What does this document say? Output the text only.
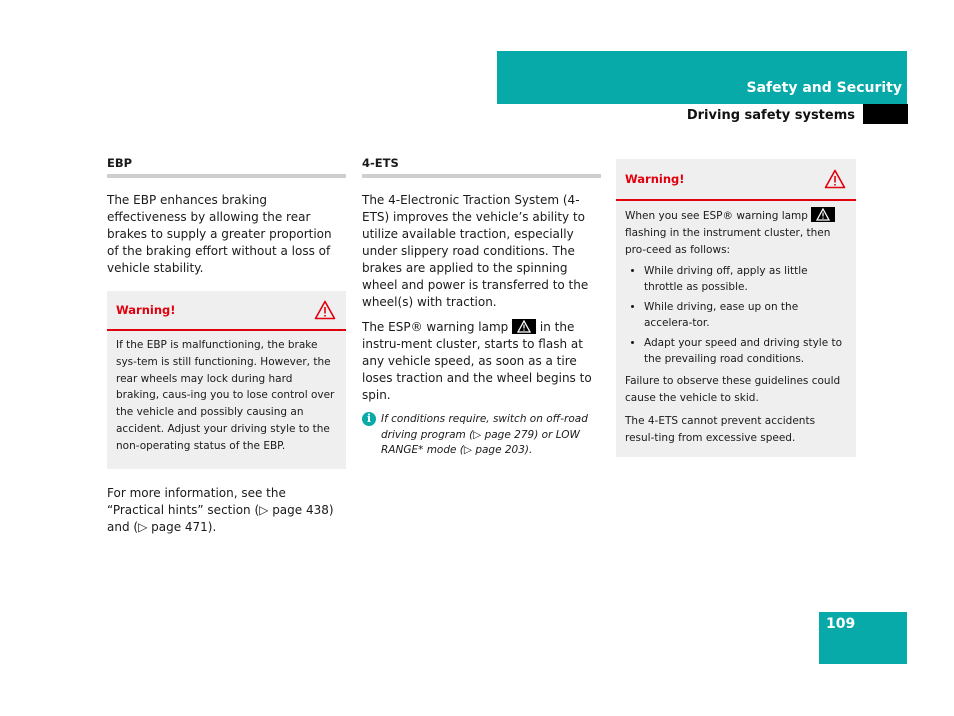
Safety and Security
Driving safety systems
EBP

The EBP enhances braking effectiveness by allowing the rear brakes to supply a greater proportion of the braking effort without a loss of vehicle stability.

Warning!

If the EBP is malfunctioning, the brake sys-tem is still functioning. However, the rear wheels may lock during hard braking, caus-ing you to lose control over the vehicle and possibly causing an accident. Adjust your driving style to the non-operating status of the EBP.

For more information, see the “Practical hints” section (▷ page 438) and (▷ page 471).

4-ETS

The 4-Electronic Traction System (4-ETS) improves the vehicle’s ability to utilize available traction, especially under slippery road conditions. The brakes are applied to the spinning wheel and power is transferred to the wheel(s) with traction.

The ESP® warning lamp	in the instru-ment cluster, starts to flash at any vehicle speed, as soon as a tire loses traction and the wheel begins to spin.

i If conditions require, switch on off-road driving program (▷ page 279) or LOW RANGE* mode (▷ page 203).
Warning!

When you see ESP® warning lamp
flashing in the instrument cluster, then pro-ceed as follows:

• While driving off, apply as little throttle as possible.
• While driving, ease up on the accelera-tor.
• Adapt your speed and driving style to the prevailing road conditions.

Failure to observe these guidelines could cause the vehicle to skid.

The 4-ETS cannot prevent accidents resul-ting from excessive speed.

109
